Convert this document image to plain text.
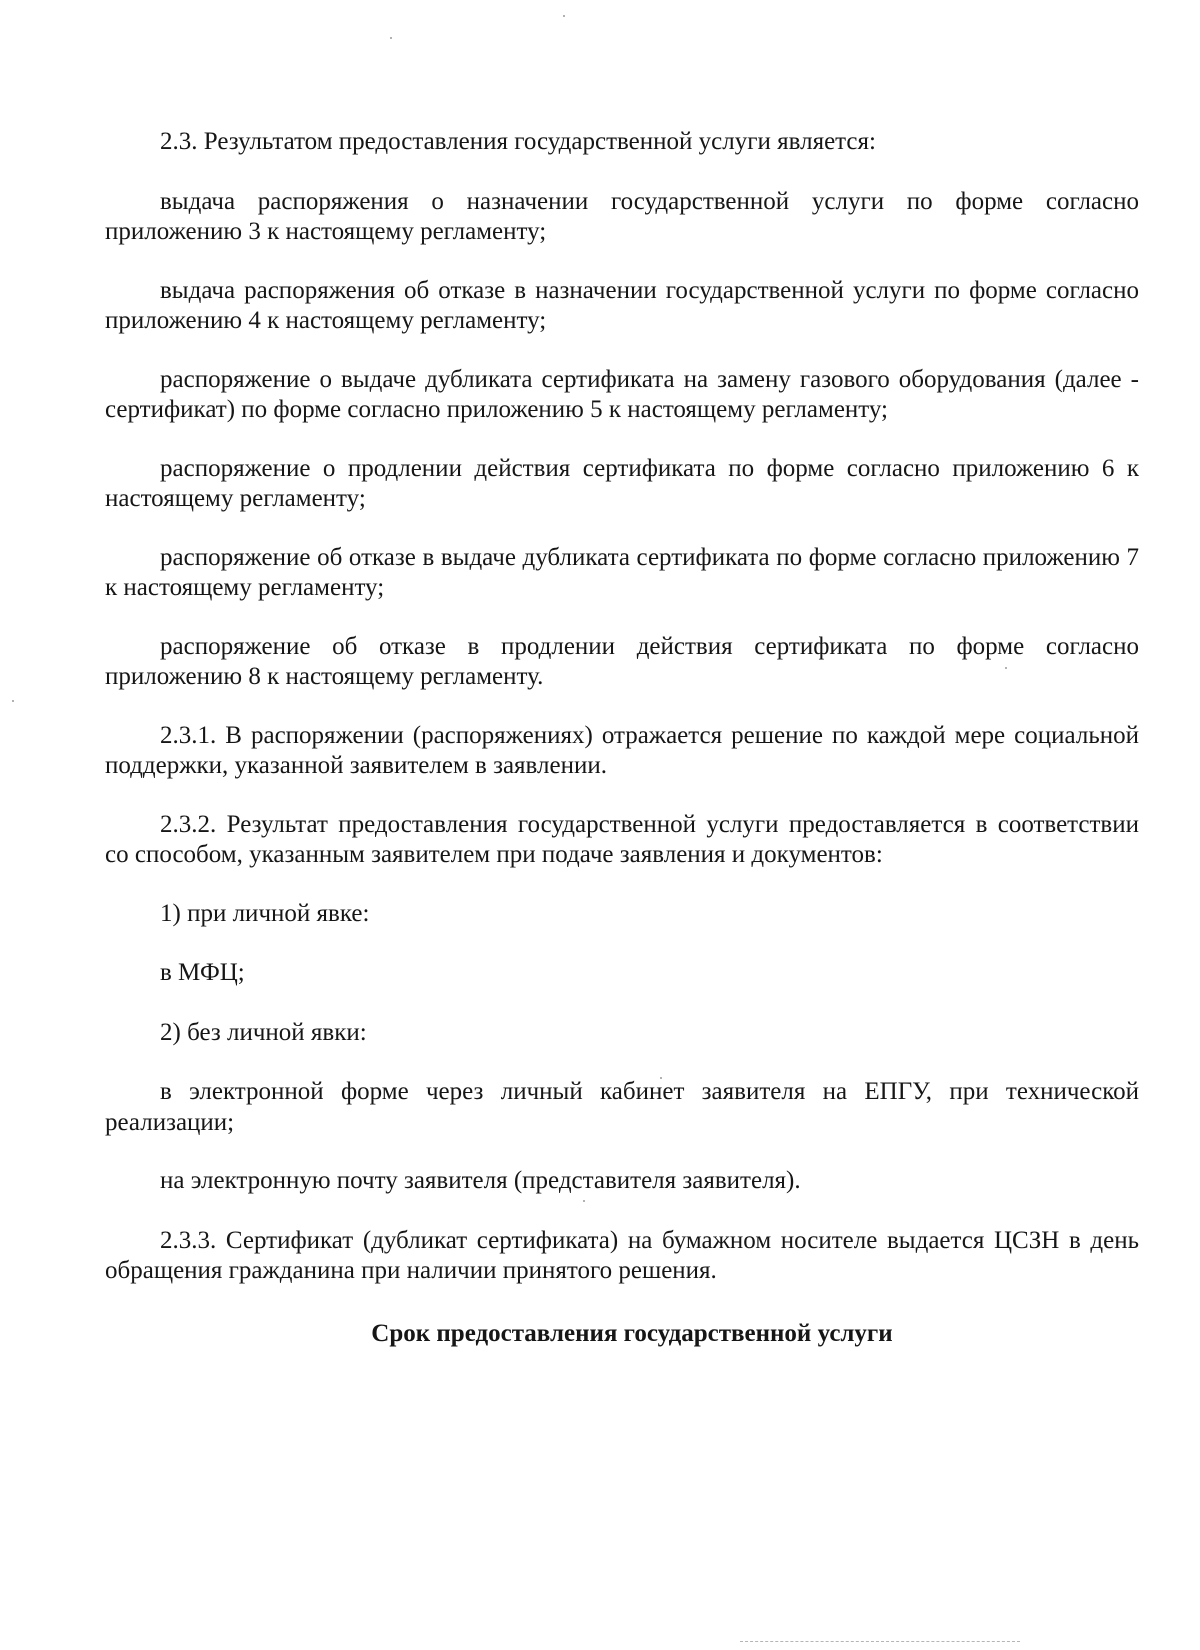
2.3. Результатом предоставления государственной услуги является:

выдача распоряжения о назначении государственной услуги по форме согласно приложению 3 к настоящему регламенту;

выдача распоряжения об отказе в назначении государственной услуги по форме согласно приложению 4 к настоящему регламенту;

распоряжение о выдаче дубликата сертификата на замену газового оборудования (далее - сертификат) по форме согласно приложению 5 к настоящему регламенту;

распоряжение о продлении действия сертификата по форме согласно приложению 6 к настоящему регламенту;

распоряжение об отказе в выдаче дубликата сертификата по форме согласно приложению 7 к настоящему регламенту;

распоряжение об отказе в продлении действия сертификата по форме согласно приложению 8 к настоящему регламенту.

2.3.1. В распоряжении (распоряжениях) отражается решение по каждой мере социальной поддержки, указанной заявителем в заявлении.

2.3.2. Результат предоставления государственной услуги предоставляется в соответствии со способом, указанным заявителем при подаче заявления и документов:

1) при личной явке:

в МФЦ;

2) без личной явки:

в электронной форме через личный кабинет заявителя на ЕПГУ, при технической реализации;

на электронную почту заявителя (представителя заявителя).

2.3.3. Сертификат (дубликат сертификата) на бумажном носителе выдается ЦСЗН в день обращения гражданина при наличии принятого решения.

Срок предоставления государственной услуги
